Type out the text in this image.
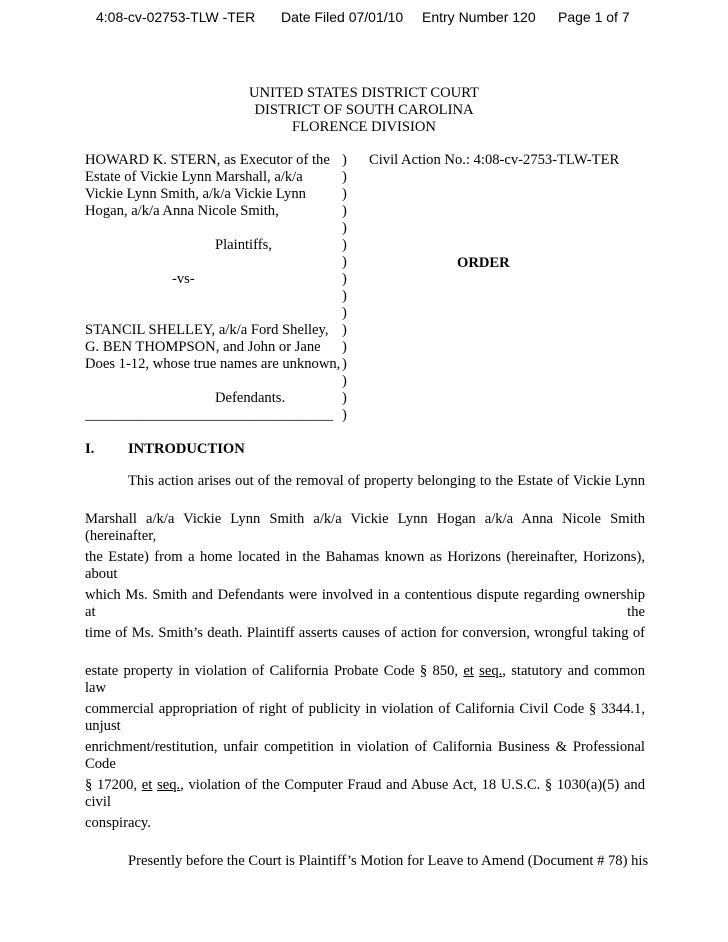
4:08-cv-02753-TLW -TER Date Filed 07/01/10 Entry Number 120 Page 1 of 7
UNITED STATES DISTRICT COURT
DISTRICT OF SOUTH CAROLINA
FLORENCE DIVISION
HOWARD K. STERN, as Executor of the
Estate of Vickie Lynn Marshall, a/k/a
Vickie Lynn Smith, a/k/a Vickie Lynn
Hogan, a/k/a Anna Nicole Smith,
Plaintiffs,
-vs-
STANCIL SHELLEY, a/k/a Ford Shelley,
G. BEN THOMPSON, and John or Jane
Does 1-12, whose true names are unknown,
Defendants.
__________________________________
)
)
)
)
)
)
)
)
)
)
)
)
)
)
)
)
Civil Action No.: 4:08-cv-2753-TLW-TER
ORDER
I. INTRODUCTION
This action arises out of the removal of property belonging to the Estate of Vickie Lynn
Marshall a/k/a Vickie Lynn Smith a/k/a Vickie Lynn Hogan a/k/a Anna Nicole Smith (hereinafter,
the Estate) from a home located in the Bahamas known as Horizons (hereinafter, Horizons), about
which Ms. Smith and Defendants were involved in a contentious dispute regarding ownership at the
time of Ms. Smith’s death. Plaintiff asserts causes of action for conversion, wrongful taking of
estate property in violation of California Probate Code § 850, et seq., statutory and common law
commercial appropriation of right of publicity in violation of California Civil Code § 3344.1, unjust
enrichment/restitution, unfair competition in violation of California Business & Professional Code
§ 17200, et seq., violation of the Computer Fraud and Abuse Act, 18 U.S.C. § 1030(a)(5) and civil
conspiracy.
Presently before the Court is Plaintiff’s Motion for Leave to Amend (Document # 78) his
